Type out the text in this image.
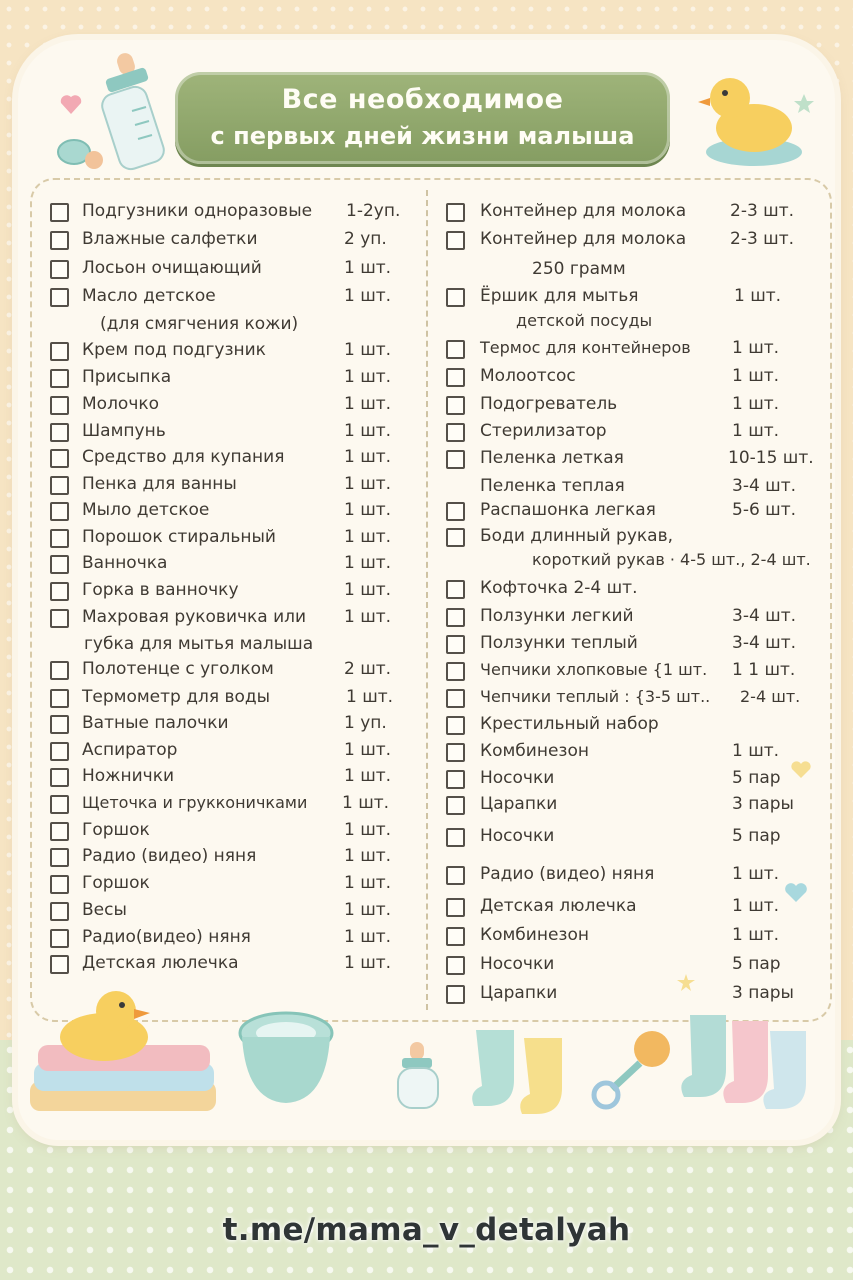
Все необходимое
с первых дней жизни малыша
Подгузники одноразовые 1-2уп.
Влажные салфетки	2 уп.
Лосьон очищающий	1 шт.
Масло детское	1 шт.
(для смягчения кожи)
Крем под подгузник	1 шт.
Присыпка	1 шт.
Молочко	1 шт.
Шампунь	1 шт.
Средство для купания	1 шт.
Пенка для ванны	1 шт.
Мыло детское	1 шт.
Порошок стиральный	1 шт.
Ванночка	1 шт.
Горка в ванночку	1 шт.
Махровая руковичка или 1 шт.
губка для мытья малыша
Полотенце с уголком	2 шт.
Термометр для воды	1 шт.
Ватные палочки	1 уп.
Аспиратор	1 шт.
Ножнички	1 шт.
Щеточка и грукконичками 1 шт.
Горшок	1 шт.
Радио (видео) няня	1 шт.
Горшок	1 шт.
Весы	1 шт.
Радио(видео) няня	1 шт.
Детская люлечка	1 шт.
Контейнер для молока	2-3 шт.
Контейнер для молока	2-3 шт.
250 грамм
Ёршик для мытья	1 шт.
детской посуды
Термос для контейнеров 1 шт.
Молоотсос	1 шт.
Подогреватель	1 шт.
Стерилизатор	1 шт.
Пеленка леткая	10-15 шт.
Пеленка теплая	3-4 шт.
Распашонка легкая	5-6 шт.
Боди длинный рукав,
короткий рукав · 4-5 шт., 2-4 шт.
Кофточка 2-4 шт.
Ползунки легкий	3-4 шт.
Ползунки теплый	3-4 шт.
Чепчики хлопковые {1 шт. 1 1 шт.
Чепчики теплый : {3-5 шт.. 2-4 шт.
Крестильный набор
Комбинезон	1 шт.
Носочки	5 пар
Царапки	3 пары
Носочки	5 пар
Радио (видео) няня	1 шт.
Детская люлечка	1 шт.
Комбинезон	1 шт.
Носочки	5 пар
Царапки	3 пары
t.me/mama_v_detalyah
